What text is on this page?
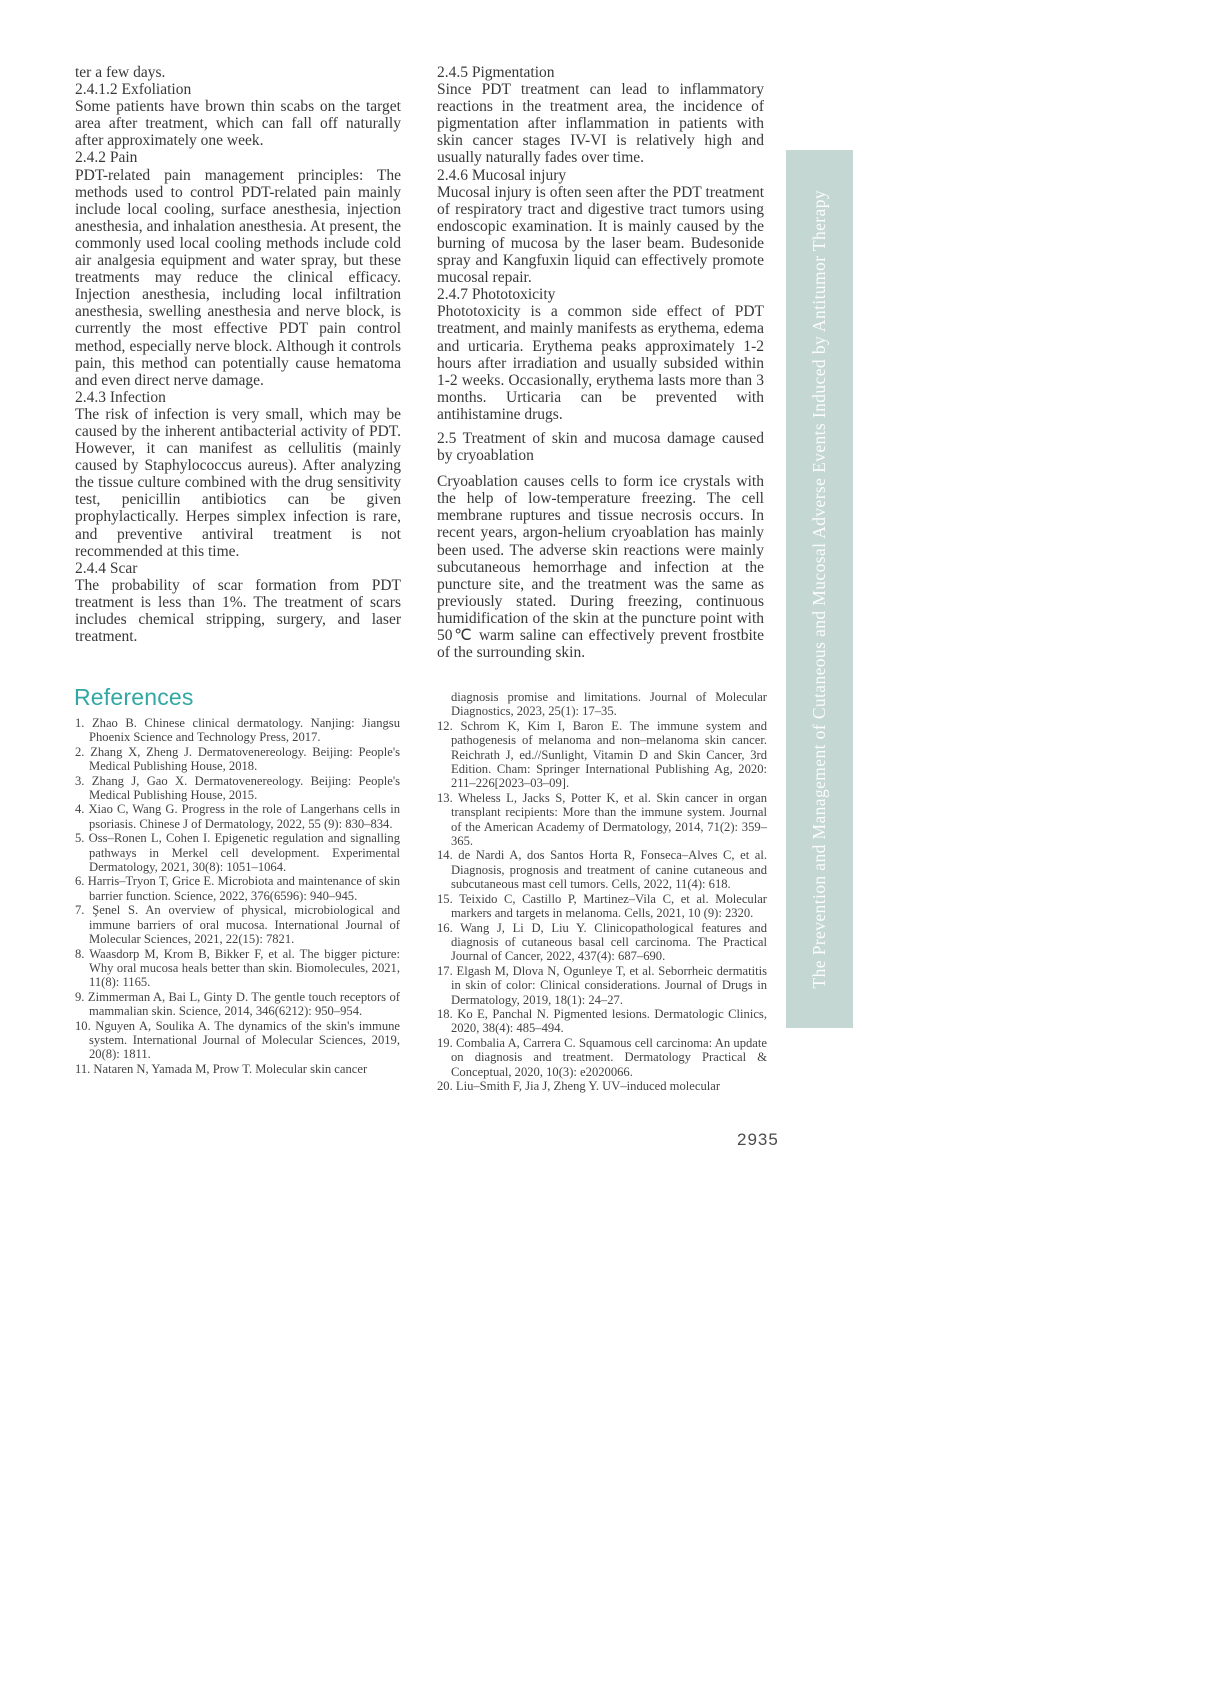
ter a few days.

2.4.1.2 Exfoliation

Some patients have brown thin scabs on the target area after treatment, which can fall off naturally after approximately one week.

2.4.2 Pain

PDT-related pain management principles: The methods used to control PDT-related pain mainly include local cooling, surface anesthesia, injection anesthesia, and inhalation anesthesia. At present, the commonly used local cooling methods include cold air analgesia equipment and water spray, but these treatments may reduce the clinical efficacy. Injection anesthesia, including local infiltration anesthesia, swelling anesthesia and nerve block, is currently the most effective PDT pain control method, especially nerve block. Although it controls pain, this method can potentially cause hematoma and even direct nerve damage.

2.4.3 Infection

The risk of infection is very small, which may be caused by the inherent antibacterial activity of PDT. However, it can manifest as cellulitis (mainly caused by Staphylococcus aureus). After analyzing the tissue culture combined with the drug sensitivity test, penicillin antibiotics can be given prophylactically. Herpes simplex infection is rare, and preventive antiviral treatment is not recommended at this time.

2.4.4 Scar

The probability of scar formation from PDT treatment is less than 1%. The treatment of scars includes chemical stripping, surgery, and laser treatment.

2.4.5 Pigmentation

Since PDT treatment can lead to inflammatory reactions in the treatment area, the incidence of pigmentation after inflammation in patients with skin cancer stages IV-VI is relatively high and usually naturally fades over time.

2.4.6 Mucosal injury

Mucosal injury is often seen after the PDT treatment of respiratory tract and digestive tract tumors using endoscopic examination. It is mainly caused by the burning of mucosa by the laser beam. Budesonide spray and Kangfuxin liquid can effectively promote mucosal repair.

2.4.7 Phototoxicity

Phototoxicity is a common side effect of PDT treatment, and mainly manifests as erythema, edema and urticaria. Erythema peaks approximately 1-2 hours after irradiation and usually subsided within 1-2 weeks. Occasionally, erythema lasts more than 3 months. Urticaria can be prevented with antihistamine drugs.

2.5 Treatment of skin and mucosa damage caused by cryoablation

Cryoablation causes cells to form ice crystals with the help of low-temperature freezing. The cell membrane ruptures and tissue necrosis occurs. In recent years, argon-helium cryoablation has mainly been used. The adverse skin reactions were mainly subcutaneous hemorrhage and infection at the puncture site, and the treatment was the same as previously stated. During freezing, continuous humidification of the skin at the puncture point with 50℃ warm saline can effectively prevent frostbite of the surrounding skin.

References

1. Zhao B. Chinese clinical dermatology. Nanjing: Jiangsu Phoenix Science and Technology Press, 2017.

2. Zhang X, Zheng J. Dermatovenereology. Beijing: People's Medical Publishing House, 2018.

3. Zhang J, Gao X. Dermatovenereology. Beijing: People's Medical Publishing House, 2015.

4. Xiao C, Wang G. Progress in the role of Langerhans cells in psoriasis. Chinese J of Dermatology, 2022, 55 (9): 830–834.

5. Oss–Ronen L, Cohen I. Epigenetic regulation and signalling pathways in Merkel cell development. Experimental Dermatology, 2021, 30(8): 1051–1064.

6. Harris–Tryon T, Grice E. Microbiota and maintenance of skin barrier function. Science, 2022, 376(6596): 940–945.

7. Şenel S. An overview of physical, microbiological and immune barriers of oral mucosa. International Journal of Molecular Sciences, 2021, 22(15): 7821.

8. Waasdorp M, Krom B, Bikker F, et al. The bigger picture: Why oral mucosa heals better than skin. Biomolecules, 2021, 11(8): 1165.

9. Zimmerman A, Bai L, Ginty D. The gentle touch receptors of mammalian skin. Science, 2014, 346(6212): 950–954.

10. Nguyen A, Soulika A. The dynamics of the skin's immune system. International Journal of Molecular Sciences, 2019, 20(8): 1811.

11. Nataren N, Yamada M, Prow T. Molecular skin cancer

diagnosis promise and limitations. Journal of Molecular Diagnostics, 2023, 25(1): 17–35.

12. Schrom K, Kim I, Baron E. The immune system and pathogenesis of melanoma and non–melanoma skin cancer. Reichrath J, ed.//Sunlight, Vitamin D and Skin Cancer, 3rd Edition. Cham: Springer International Publishing Ag, 2020: 211–226[2023–03–09].

13. Wheless L, Jacks S, Potter K, et al. Skin cancer in organ transplant recipients: More than the immune system. Journal of the American Academy of Dermatology, 2014, 71(2): 359–365.

14. de Nardi A, dos Santos Horta R, Fonseca–Alves C, et al. Diagnosis, prognosis and treatment of canine cutaneous and subcutaneous mast cell tumors. Cells, 2022, 11(4): 618.

15. Teixido C, Castillo P, Martinez–Vila C, et al. Molecular markers and targets in melanoma. Cells, 2021, 10 (9): 2320.

16. Wang J, Li D, Liu Y. Clinicopathological features and diagnosis of cutaneous basal cell carcinoma. The Practical Journal of Cancer, 2022, 437(4): 687–690.

17. Elgash M, Dlova N, Ogunleye T, et al. Seborrheic dermatitis in skin of color: Clinical considerations. Journal of Drugs in Dermatology, 2019, 18(1): 24–27.

18. Ko E, Panchal N. Pigmented lesions. Dermatologic Clinics, 2020, 38(4): 485–494.

19. Combalia A, Carrera C. Squamous cell carcinoma: An update on diagnosis and treatment. Dermatology Practical & Conceptual, 2020, 10(3): e2020066.

20. Liu–Smith F, Jia J, Zheng Y. UV–induced molecular

The Prevention and Management of Cutaneous and Mucosal Adverse Events Induced by Antitumor Therapy
2935
